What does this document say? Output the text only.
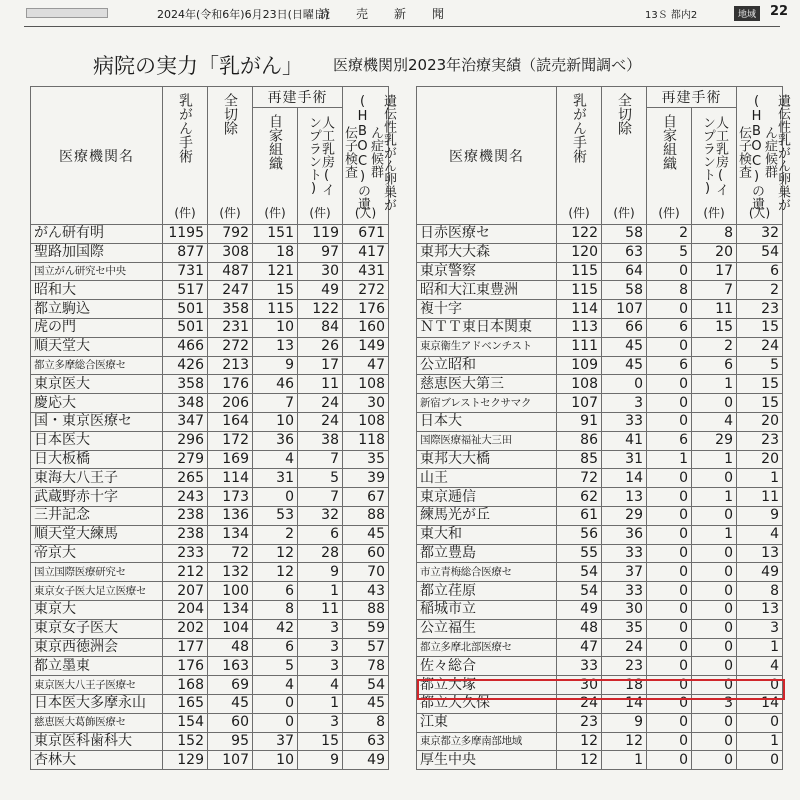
2024年(令和6年)6月23日(日曜日)
読売新聞	13Ｓ 都内2	地域	22
病院の実力「乳がん」 医療機関別2023年治療実績（読売新聞調べ）
医療機関名	乳がん手術
(件)	全切除
(件)	再建手術		遺伝性乳がん卵巣がん症候群(HBOC)の遺伝子検査
(人)

			自家組織
(件)	人工乳房(インプラント)
(件)	

がん研有明	1195	792	151	119	671
聖路加国際	877	308	18	97	417
国立がん研究セ中央	731	487	121	30	431
昭和大	517	247	15	49	272
都立駒込	501	358	115	122	176
虎の門	501	231	10	84	160
順天堂大	466	272	13	26	149
都立多摩総合医療セ	426	213	9	17	47
東京医大	358	176	46	11	108
慶応大	348	206	7	24	30
国・東京医療セ	347	164	10	24	108
日本医大	296	172	36	38	118
日大板橋	279	169	4	7	35
東海大八王子	265	114	31	5	39
武蔵野赤十字	243	173	0	7	67
三井記念	238	136	53	32	88
順天堂大練馬	238	134	2	6	45
帝京大	233	72	12	28	60
国立国際医療研究セ	212	132	12	9	70
東京女子医大足立医療セ	207	100	6	1	43
東京大	204	134	8	11	88
東京女子医大	202	104	42	3	59
東京西徳洲会	177	48	6	3	57
都立墨東	176	163	5	3	78
東京医大八王子医療セ	168	69	4	4	54
日本医大多摩永山	165	45	0	1	45
慈恵医大葛飾医療セ	154	60	0	3	8
東京医科歯科大	152	95	37	15	63
杏林大	129	107	10	9	49
医療機関名	乳がん手術
(件)	全切除
(件)	再建手術		遺伝性乳がん卵巣がん症候群(HBOC)の遺伝子検査
(人)

			自家組織
(件)	人工乳房(インプラント)
(件)	

日赤医療セ	122	58	2	8	32
東邦大大森	120	63	5	20	54
東京警察	115	64	0	17	6
昭和大江東豊洲	115	58	8	7	2
複十字	114	107	0	11	23
ＮＴＴ東日本関東	113	66	6	15	15
東京衛生アドベンチスト	111	45	0	2	24
公立昭和	109	45	6	6	5
慈恵医大第三	108	0	0	1	15
新宿ブレストセクサマク	107	3	0	0	15
日本大	91	33	0	4	20
国際医療福祉大三田	86	41	6	29	23
東邦大大橋	85	31	1	1	20
山王	72	14	0	0	1
東京逓信	62	13	0	1	11
練馬光が丘	61	29	0	0	9
東大和	56	36	0	1	4
都立豊島	55	33	0	0	13
市立青梅総合医療セ	54	37	0	0	49
都立荏原	54	33	0	0	8
稲城市立	49	30	0	0	13
公立福生	48	35	0	0	3
都立多摩北部医療セ	47	24	0	0	1
佐々総合	33	23	0	0	4
都立大塚	30	18	0	0	0
都立大久保	24	14	0	3	14
江東	23	9	0	0	0
東京都立多摩南部地域	12	12	0	0	1
厚生中央	12	1	0	0	0
